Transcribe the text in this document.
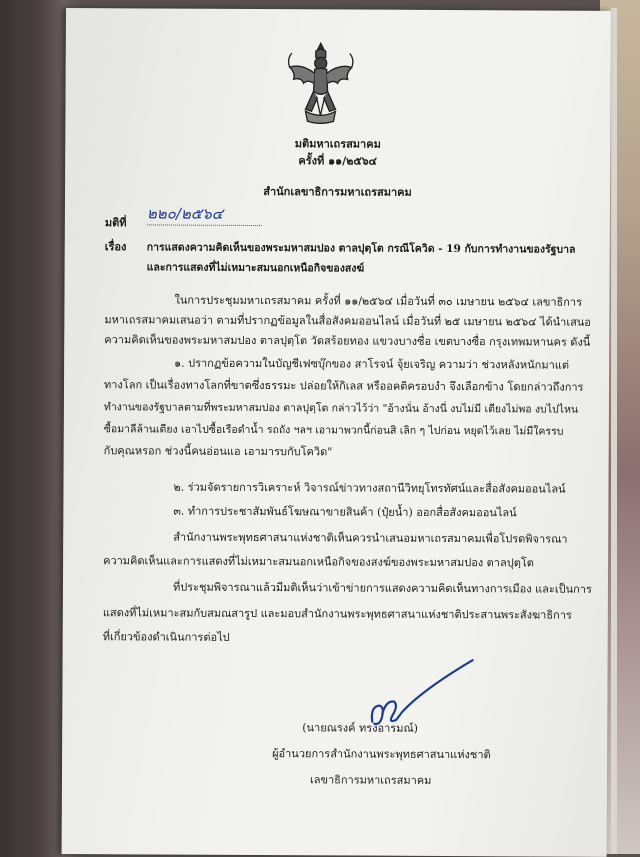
มติมหาเถรสมาคม
ครั้งที่ ๑๑/๒๕๖๔
สำนักเลขาธิการมหาเถรสมาคม
มติที่ ๒๒๐/๒๕๖๔
เรื่อง การแสดงความคิดเห็นของพระมหาสมปอง ตาลปุตฺโต กรณีโควิด - 19 กับการทำงานของรัฐบาล
และการแสดงที่ไม่เหมาะสมนอกเหนือกิจของสงฆ์
ในการประชุมมหาเถรสมาคม ครั้งที่ ๑๑/๒๕๖๔ เมื่อวันที่ ๓๐ เมษายน ๒๕๖๔ เลขาธิการ
มหาเถรสมาคมเสนอว่า ตามที่ปรากฏข้อมูลในสื่อสังคมออนไลน์ เมื่อวันที่ ๒๕ เมษายน ๒๕๖๔ ได้นำเสนอ
ความคิดเห็นของพระมหาสมปอง ตาลปุตฺโต วัดสร้อยทอง แขวงบางซื่อ เขตบางซื่อ กรุงเทพมหานคร ดังนี้
๑. ปรากฏข้อความในบัญชีเฟซบุ๊กของ สาโรจน์ จุ้ยเจริญ ความว่า ช่วงหลังหนักมาแต่
ทางโลก เป็นเรื่องทางโลกที่ขาดซึ่งธรรมะ ปล่อยให้กิเลส หรืออคติครอบงำ จึงเลือกข้าง โดยกล่าวถึงการ
ทำงานของรัฐบาลตามที่พระมหาสมปอง ตาลปุตฺโต กล่าวไว้ว่า "อ้างนั่น อ้างนี่ งบไม่มี เตียงไม่พอ งบไปไหน
ซื้อมาลีล้านเตียง เอาไปซื้อเรือดำน้ำ รถถัง ฯลฯ เอามาพวกนี้ก่อนสิ เลิก ๆ ไปก่อน หยุดไว้เลย ไม่มีใครรบ
กับคุณหรอก ช่วงนี้คนอ่อนแอ เอามารบกับโควิด"
๒. ร่วมจัดรายการวิเคราะห์ วิจารณ์ข่าวทางสถานีวิทยุโทรทัศน์และสื่อสังคมออนไลน์
๓. ทำการประชาสัมพันธ์โฆษณาขายสินค้า (ปุ๋ยน้ำ) ออกสื่อสังคมออนไลน์
สำนักงานพระพุทธศาสนาแห่งชาติเห็นควรนำเสนอมหาเถรสมาคมเพื่อโปรดพิจารณา
ความคิดเห็นและการแสดงที่ไม่เหมาะสมนอกเหนือกิจของสงฆ์ของพระมหาสมปอง ตาลปุตฺโต
ที่ประชุมพิจารณาแล้วมีมติเห็นว่าเข้าข่ายการแสดงความคิดเห็นทางการเมือง และเป็นการ
แสดงที่ไม่เหมาะสมกับสมณสารูป และมอบสำนักงานพระพุทธศาสนาแห่งชาติประสานพระสังฆาธิการ
ที่เกี่ยวข้องดำเนินการต่อไป
(นายณรงค์ ทรงอารมณ์)
ผู้อำนวยการสำนักงานพระพุทธศาสนาแห่งชาติ
เลขาธิการมหาเถรสมาคม
